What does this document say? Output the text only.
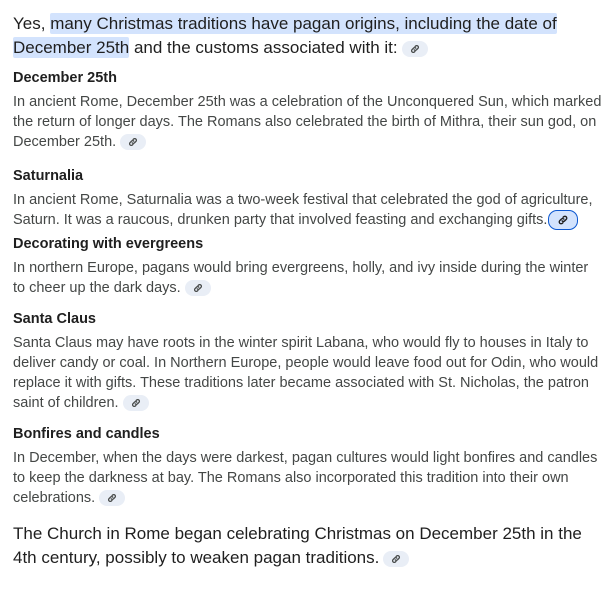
Yes, many Christmas traditions have pagan origins, including the date of
December 25th and the customs associated with it:

December 25th

In ancient Rome, December 25th was a celebration of the Unconquered Sun, which marked the return of longer days. The Romans also celebrated the birth of Mithra, their sun god, on December 25th.

Saturnalia

In ancient Rome, Saturnalia was a two-week festival that celebrated the god of agriculture, Saturn. It was a raucous, drunken party that involved feasting and exchanging gifts.

Decorating with evergreens

In northern Europe, pagans would bring evergreens, holly, and ivy inside during the winter to cheer up the dark days.

Santa Claus

Santa Claus may have roots in the winter spirit Labana, who would fly to houses in Italy to deliver candy or coal. In Northern Europe, people would leave food out for Odin, who would replace it with gifts. These traditions later became associated with St. Nicholas, the patron saint of children.

Bonfires and candles

In December, when the days were darkest, pagan cultures would light bonfires and candles to keep the darkness at bay. The Romans also incorporated this tradition into their own celebrations.

The Church in Rome began celebrating Christmas on December 25th in the 4th century, possibly to weaken pagan traditions.
